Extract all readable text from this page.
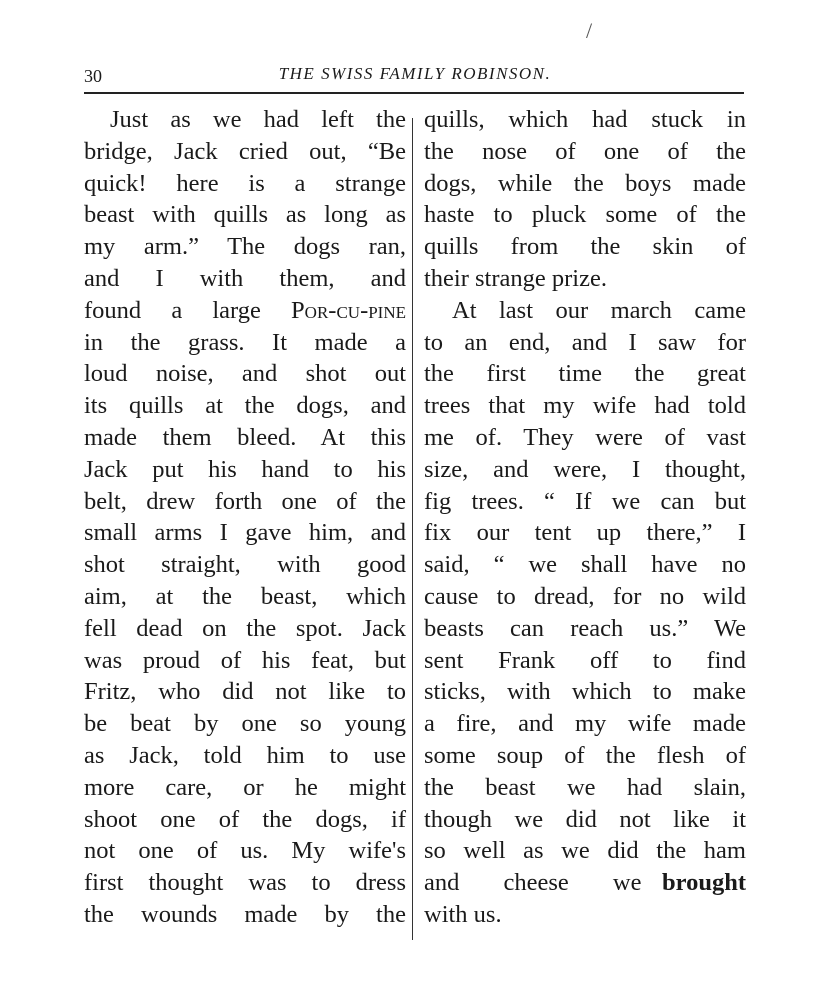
/
30	THE SWISS FAMILY ROBINSON.
Just as we had left the
bridge, Jack cried out, “Be
quick! here is a strange
beast with quills as long as
my arm.” The dogs ran,
and I with them, and
found a large Por-cu-pine
in the grass. It made a
loud noise, and shot out
its quills at the dogs, and
made them bleed. At this
Jack put his hand to his
belt, drew forth one of the
small arms I gave him, and
shot straight, with good
aim, at the beast, which
fell dead on the spot. Jack
was proud of his feat, but
Fritz, who did not like to
be beat by one so young
as Jack, told him to use
more care, or he might
shoot one of the dogs, if
not one of us. My wife's
first thought was to dress
the wounds made by the
quills, which had stuck in
the nose of one of the
dogs, while the boys made
haste to pluck some of the
quills from the skin of
their strange prize.
At last our march came
to an end, and I saw for
the first time the great
trees that my wife had told
me of. They were of vast
size, and were, I thought,
fig trees. “ If we can but
fix our tent up there,” I
said, “ we shall have no
cause to dread, for no wild
beasts can reach us.” We
sent Frank off to find
sticks, with which to make
a fire, and my wife made
some soup of the flesh of
the beast we had slain,
though we did not like it
so well as we did the ham
and cheese we brought
with us.
